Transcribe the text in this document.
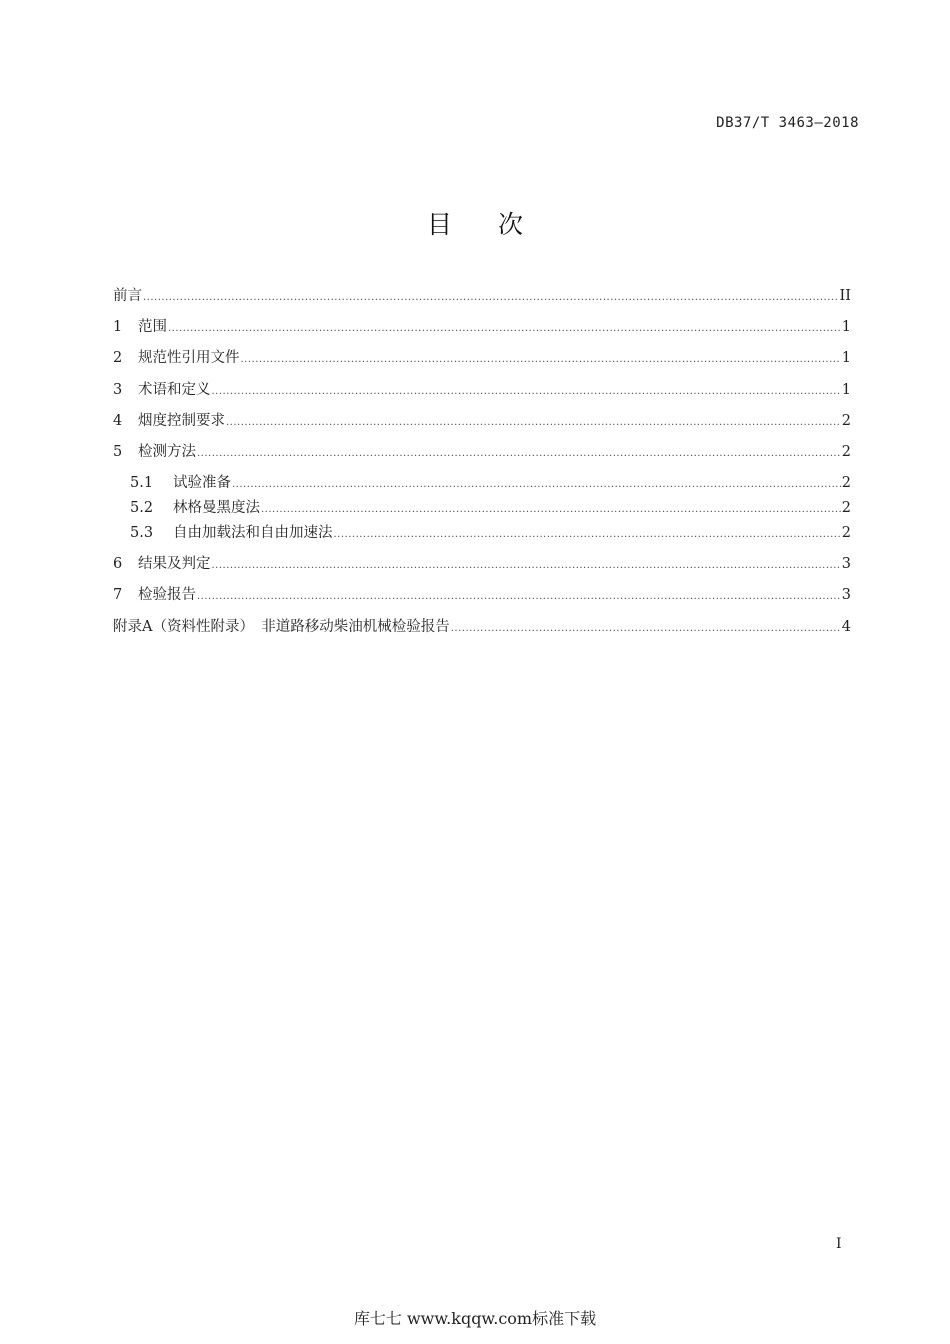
DB37/T 3463—2018
目次
前言 .....	II
1	范围 .....	1
2	规范性引用文件 .....	1
3	术语和定义 .....	1
4	烟度控制要求 .....	2
5	检测方法 .....	2
5.1	试验准备 .....	2
5.2	林格曼黑度法 .....	2
5.3	自由加载法和自由加速法 .....	2
6	结果及判定 .....	3
7	检验报告 .....	3
附录A（资料性附录）　非道路移动柴油机械检验报告 .....	4
I
库七七 www.kqqw.com标准下载
